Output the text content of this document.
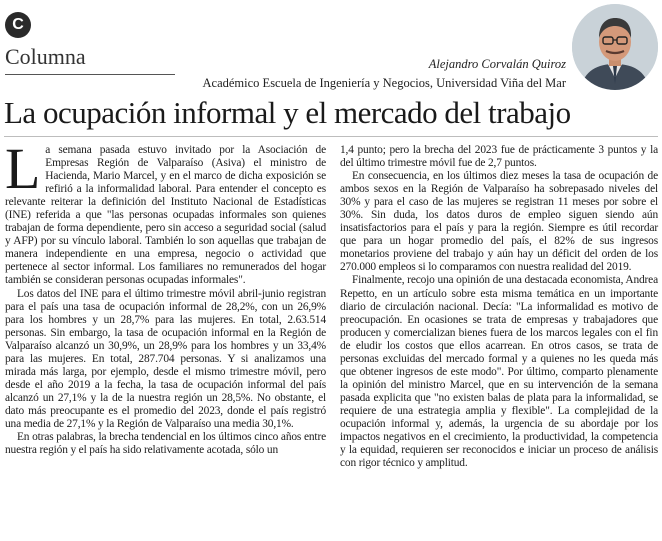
C
Columna	Alejandro Corvalán Quiroz
Académico Escuela de Ingeniería y Negocios, Universidad Viña del Mar
La ocupación informal y el mercado del trabajo

La semana pasada estuvo invitado por la Asociación de Empresas Región de Valparaíso (Asiva) el ministro de Hacienda, Mario Marcel, y en el marco de dicha exposición se refirió a la informalidad laboral. Para entender el concepto es relevante reiterar la definición del Instituto Nacional de Estadísticas (INE) referida a que "las personas ocupadas informales son quienes trabajan de forma dependiente, pero sin acceso a seguridad social (salud y AFP) por su vínculo laboral. También lo son aquellas que trabajan de manera independiente en una empresa, negocio o actividad que pertenece al sector informal. Los familiares no remunerados del hogar también se consideran personas ocupadas informales".

Los datos del INE para el último trimestre móvil abril-junio registran para el país una tasa de ocupación informal de 28,2%, con un 26,9% para los hombres y un 28,7% para las mujeres. En total, 2.63.514 personas. Sin embargo, la tasa de ocupación informal en la Región de Valparaíso alcanzó un 30,9%, un 28,9% para los hombres y un 33,4% para las mujeres. En total, 287.704 personas. Y si analizamos una mirada más larga, por ejemplo, desde el mismo trimestre móvil, pero desde el año 2019 a la fecha, la tasa de ocupación informal del país alcanzó un 27,1% y la de la nuestra región un 28,5%. No obstante, el dato más preocupante es el promedio del 2023, donde el país registró una media de 27,1% y la Región de Valparaíso una media 30,1%.

En otras palabras, la brecha tendencial en los últimos cinco años entre nuestra región y el país ha sido relativamente acotada, sólo un

1,4 punto; pero la brecha del 2023 fue de prácticamente 3 puntos y la del último trimestre móvil fue de 2,7 puntos.

En consecuencia, en los últimos diez meses la tasa de ocupación de ambos sexos en la Región de Valparaíso ha sobrepasado niveles del 30% y para el caso de las mujeres se registran 11 meses por sobre el 30%. Sin duda, los datos duros de empleo siguen siendo aún insatisfactorios para el país y para la región. Siempre es útil recordar que para un hogar promedio del país, el 82% de sus ingresos monetarios proviene del trabajo y aún hay un déficit del orden de los 270.000 empleos si lo comparamos con nuestra realidad del 2019.

Finalmente, recojo una opinión de una destacada economista, Andrea Repetto, en un artículo sobre esta misma temática en un importante diario de circulación nacional. Decía: "La informalidad es motivo de preocupación. En ocasiones se trata de empresas y trabajadores que producen y comercializan bienes fuera de los marcos legales con el fin de eludir los costos que ellos acarrean. En otros casos, se trata de personas excluidas del mercado formal y a quienes no les queda más que obtener ingresos de este modo". Por último, comparto plenamente la opinión del ministro Marcel, que en su intervención de la semana pasada explicita que "no existen balas de plata para la informalidad, se requiere de una estrategia amplia y flexible". La complejidad de la ocupación informal y, además, la urgencia de su abordaje por los impactos negativos en el crecimiento, la productividad, la competencia y la equidad, requieren ser reconocidos e iniciar un proceso de análisis con rigor técnico y amplitud.
